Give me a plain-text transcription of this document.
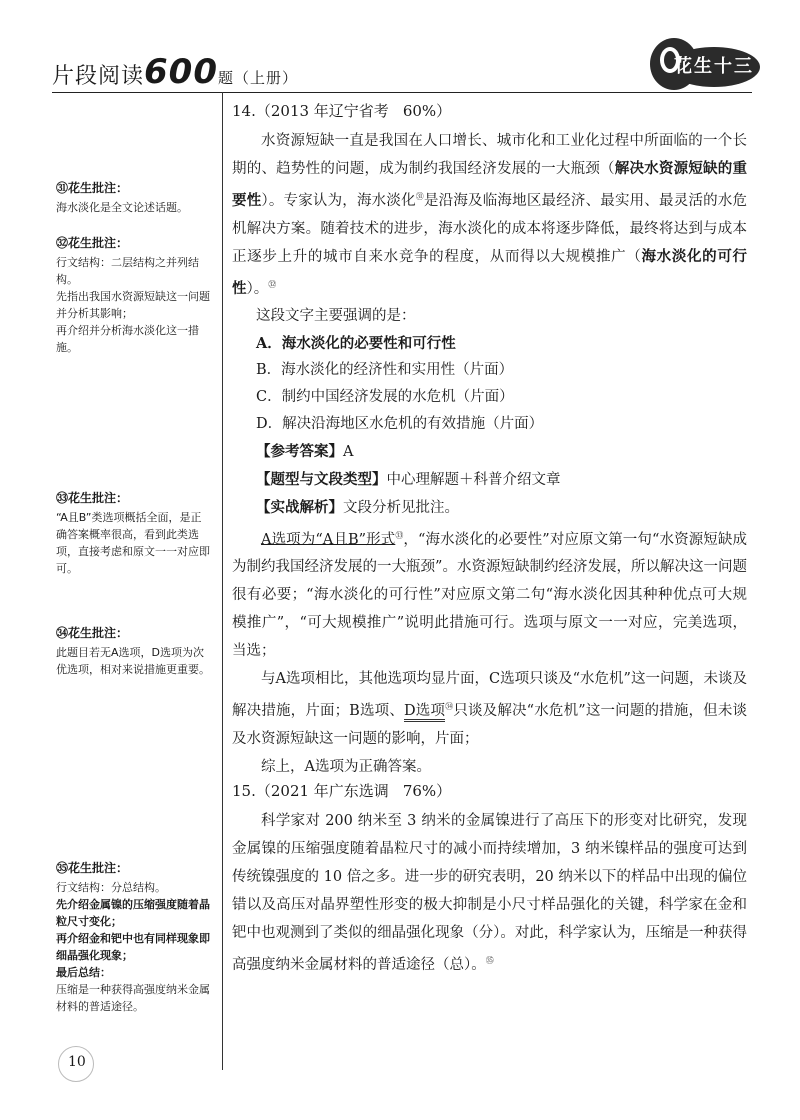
片段阅读600题（上册）
花生十三
㉛花生批注：
海水淡化是全文论述话题。
㉜花生批注：
行文结构：二层结构之并列结构。
先指出我国水资源短缺这一问题并分析其影响；
再介绍并分析海水淡化这一措施。
㉝花生批注：
“A且B”类选项概括全面，是正确答案概率很高，看到此类选项，直接考虑和原文一一对应即可。
㉞花生批注：
此题目若无A选项，D选项为次优选项，相对来说措施更重要。
㉟花生批注：
行文结构：分总结构。
先介绍金属镍的压缩强度随着晶粒尺寸变化；
再介绍金和钯中也有同样现象即细晶强化现象；
最后总结：
压缩是一种获得高强度纳米金属材料的普适途径。
14.（2013 年辽宁省考 60%）

水资源短缺一直是我国在人口增长、城市化和工业化过程中所面临的一个长期的、趋势性的问题，成为制约我国经济发展的一大瓶颈（解决水资源短缺的重要性）。专家认为，海水淡化$^㉛$是沿海及临海地区最经济、最实用、最灵活的水危机解决方案。随着技术的进步，海水淡化的成本将逐步降低，最终将达到与成本正逐步上升的城市自来水竞争的程度，从而得以大规模推广（海水淡化的可行性）。$^㉜$

这段文字主要强调的是：
A．海水淡化的必要性和可行性
B．海水淡化的经济性和实用性（片面）
C．制约中国经济发展的水危机（片面）
D．解决沿海地区水危机的有效措施（片面）
【参考答案】A
【题型与文段类型】中心理解题＋科普介绍文章
【实战解析】文段分析见批注。

A选项为“A且B”形式$^㉝$，“海水淡化的必要性”对应原文第一句“水资源短缺成为制约我国经济发展的一大瓶颈”。水资源短缺制约经济发展，所以解决这一问题很有必要；“海水淡化的可行性”对应原文第二句“海水淡化因其种种优点可大规模推广”，“可大规模推广”说明此措施可行。选项与原文一一对应，完美选项，当选；

与A选项相比，其他选项均显片面，C选项只谈及“水危机”这一问题，未谈及解决措施，片面；B选项、D选项$^㉞$只谈及解决“水危机”这一问题的措施，但未谈及水资源短缺这一问题的影响，片面；

综上，A选项为正确答案。

15.（2021 年广东选调 76%）

科学家对 200 纳米至 3 纳米的金属镍进行了高压下的形变对比研究，发现金属镍的压缩强度随着晶粒尺寸的减小而持续增加，3 纳米镍样品的强度可达到传统镍强度的 10 倍之多。进一步的研究表明，20 纳米以下的样品中出现的偏位错以及高压对晶界塑性形变的极大抑制是小尺寸样品强化的关键，科学家在金和钯中也观测到了类似的细晶强化现象（分）。对此，科学家认为，压缩是一种获得高强度纳米金属材料的普适途径（总）。$^㉟$

10
